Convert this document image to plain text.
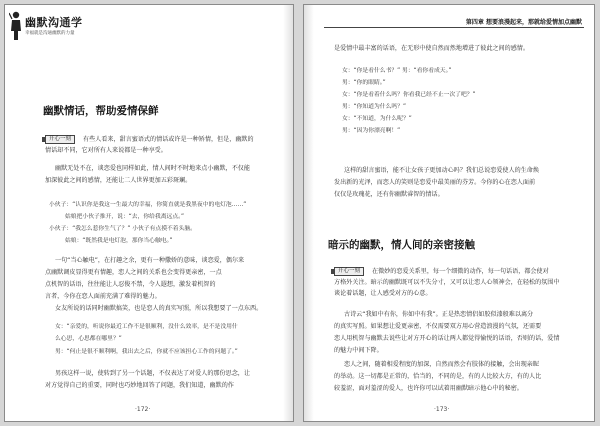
幽默沟通学
幸福就是沟通幽默的力量
幽默情话，帮助爱情保鲜
开心一刻	有些人看来，甜言蜜语式的情话或许是一种矫情，但是，幽默的
情话却不同，它对所有人来说都是一种享受。
幽默无处不在，谈恋爱也同样如此，情人间时不时地来点小幽默，不仅能
加深彼此之间的感情，还能让二人世界更加五彩斑斓。
小伙子：“认识你是我这一生最大的幸福，你简直就是我黑夜中的电灯泡……”
姑娘把小伙子推开，说：“去，你给我离远点。”
小伙子：“我怎么惹你生气了？” 小伙子有点摸不着头脑。
姑娘：“既然我是电灯泡，那你当心触电。”
一句“当心触电”，在打趣之余，更有一种撒娇的意味，谈恋爱，偶尔来
点幽默调皮显得更有情趣，恋人之间的关系也会变得更亲密，一点
点机智的话语，往往能让人忍俊不禁，令人遐想，激发着机智的
言者，今你在恋人面前充满了难得的魅力。
女友所说的话同时幽默搞笑，也是恋人的真实写照，所以我想要了一点东西。
女：“亲爱的，听说你最近工作不是很顺利，没什么效率，是不是没用什
么心思，心思都在哪里？”
男：“何止是很不顺利啊，我出去之后，你就不应该担心工作的问题了。”
男孩这样一说，使转到了另一个话题，不仅表达了对爱人的那份思念，让
对方觉得自己的重要，同时也巧妙地回答了问题，我们知道，幽默的作
·172·
第四章 想要浪漫起来，那就给爱情加点幽默
是爱情中最丰富的话语，在无形中使自然而然地增进了彼此之间的感情。
女：“你是看什么书？” 男：“看你看成天。”
男：“你的眼睛。”
女：“你是看着什么吗？你看我已经不止一次了吧？”
男：“你知道为什么吗？”
女：“不知道，为什么呢？”
男：“因为你漂亮啊！”
这样的甜言蜜语，能不让女孩子更加动心吗？我们总说恋爱使人的生命焕
发出新的光泽，而恋人的笑则是恋爱中最美丽的芬芳。今你的心在恋人面前
仅仅是玫瑰花，还有你幽默睿智的情话。
暗示的幽默，情人间的亲密接触
开心一刻	在微妙的恋爱关系里，每一个细微的动作，每一句话语，都会使对
方格外关注。暗示的幽默既可以不失分寸，又可以让恋人心领神会，在轻松的氛围中
谈论着话题，让人感受对方的心意。
古诗云“我如中有你，你如中有我”。正是热恋情侣如胶似漆般难以离分
的真实写照。如果想让爱更亲密，不仅需要双方用心营造浪漫的气氛，还需要
恋人用机智与幽默去说些让对方开心的话让两人都觉得愉悦的话语，否则的话，爱情
的魅力中间下降。
恋人之间，随着相爱程度的加深，自然而然会有肢体的接触，会出现亲昵
的举动。这一切都是正常的，恰当的，不同的是，有的人比较大方，有的人比
较羞涩，面对羞涩的爱人，也许你可以试着用幽默暗示他心中的秘密。
·173·
